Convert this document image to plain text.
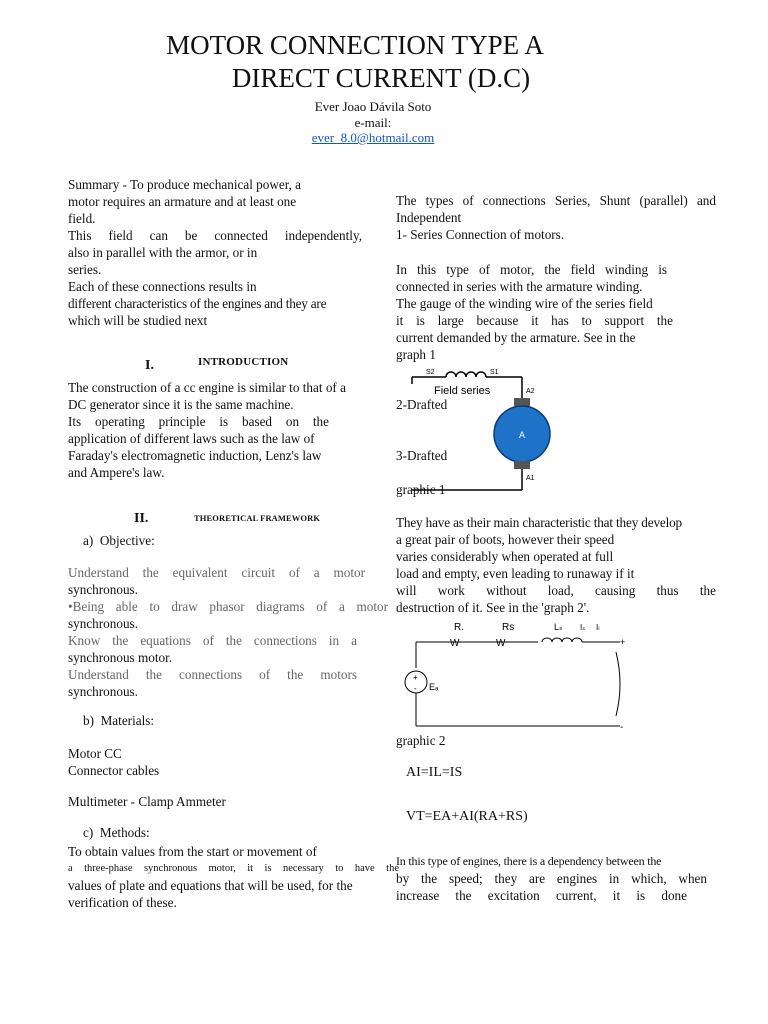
MOTOR CONNECTION TYPE A
DIRECT CURRENT (D.C)
Ever Joao Dávila Soto
e-mail:
ever_8.0@hotmail.com

Summary - To produce mechanical power, a

motor requires an armature and at least one

field.

This field can be connected independently,

also in parallel with the armor, or in

series.

Each of these connections results in

different characteristics of the engines and they are

which will be studied next

I.	INTRODUCTION

The construction of a cc engine is similar to that of a

DC generator since it is the same machine.

Its operating principle is based on the

application of different laws such as the law of

Faraday's electromagnetic induction, Lenz's law

and Ampere's law.

II.	THEORETICAL FRAMEWORK
a)  Objective:

Understand the equivalent circuit of a motor

synchronous.

•Being able to draw phasor diagrams of a motor

synchronous.

Know the equations of the connections in a

synchronous motor.

Understand the connections of the motors

synchronous.

b)  Materials:
Motor CC
Connector cables
Multimeter - Clamp Ammeter
c)  Methods:

To obtain values from the start or movement of

a three-phase synchronous motor, it is necessary to have the

values of plate and equations that will be used, for the

verification of these.

The types of connections Series, Shunt (parallel) and

Independent

1- Series Connection of motors.

In this type of motor, the field winding is

connected in series with the armature winding.

The gauge of the winding wire of the series field

it is large because it has to support the

current demanded by the armature. See in the

graph 1

2-Drafted
3-Drafted
S2	S1
Field series	A2
A
A1
graphic 1

They have as their main characteristic that they develop

a great pair of boots, however their speed

varies considerably when operated at full

load and empty, even leading to runaway if it

will work without load, causing thus the

destruction of it. See in the 'graph 2'.

R.	Rs
W	W
Lₛ Iₛ Iₗ
+
-
+
- Eₐ
graphic 2
AI=IL=IS
VT=EA+AI(RA+RS)

In this type of engines, there is a dependency between the

by the speed; they are engines in which, when

increase the excitation current, it is done
